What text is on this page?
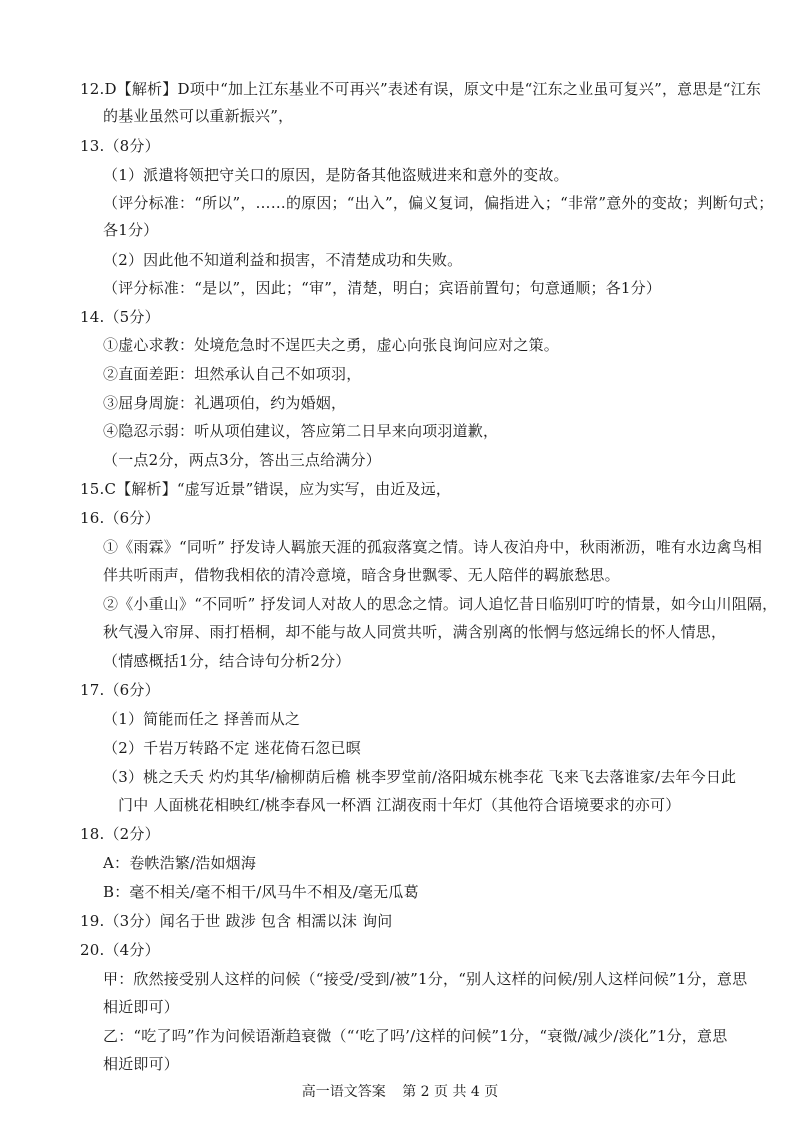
12.D【解析】D项中“加上江东基业不可再兴”表述有误，原文中是“江东之业虽可复兴”，意思是“江东
的基业虽然可以重新振兴”，
13.（8分）
（1）派遣将领把守关口的原因，是防备其他盗贼进来和意外的变故。
（评分标准：“所以”，……的原因；“出入”，偏义复词，偏指进入；“非常”意外的变故；判断句式；
各1分）
（2）因此他不知道利益和损害，不清楚成功和失败。
（评分标准：“是以”，因此；“审”，清楚，明白；宾语前置句；句意通顺；各1分）
14.（5分）
①虚心求教：处境危急时不逞匹夫之勇，虚心向张良询问应对之策。
②直面差距：坦然承认自己不如项羽，
③屈身周旋：礼遇项伯，约为婚姻，
④隐忍示弱：听从项伯建议，答应第二日早来向项羽道歉，
（一点2分，两点3分，答出三点给满分）
15.C【解析】“虚写近景”错误，应为实写，由近及远，
16.（6分）
①《雨霖》“同听” 抒发诗人羁旅天涯的孤寂落寞之情。诗人夜泊舟中，秋雨淅沥，唯有水边禽鸟相
伴共听雨声，借物我相依的清冷意境，暗含身世飘零、无人陪伴的羁旅愁思。
②《小重山》“不同听” 抒发词人对故人的思念之情。词人追忆昔日临别叮咛的情景，如今山川阻隔，
秋气漫入帘屏、雨打梧桐，却不能与故人同赏共听，满含别离的怅惘与悠远绵长的怀人情思，
（情感概括1分，结合诗句分析2分）
17.（6分）
（1）简能而任之 择善而从之
（2）千岩万转路不定 迷花倚石忽已暝
（3）桃之夭夭 灼灼其华/榆柳荫后檐 桃李罗堂前/洛阳城东桃李花 飞来飞去落谁家/去年今日此
门中 人面桃花相映红/桃李春风一杯酒 江湖夜雨十年灯（其他符合语境要求的亦可）
18.（2分）
A：卷帙浩繁/浩如烟海
B：毫不相关/毫不相干/风马牛不相及/毫无瓜葛
19.（3分）闻名于世 跋涉 包含 相濡以沫 询问
20.（4分）
甲：欣然接受别人这样的问候（“接受/受到/被”1分，“别人这样的问候/别人这样问候”1分，意思
相近即可）
乙：“吃了吗”作为问候语渐趋衰微（“‘吃了吗’/这样的问候”1分，“衰微/减少/淡化”1分，意思
相近即可）
高一语文答案 第 2 页 共 4 页
